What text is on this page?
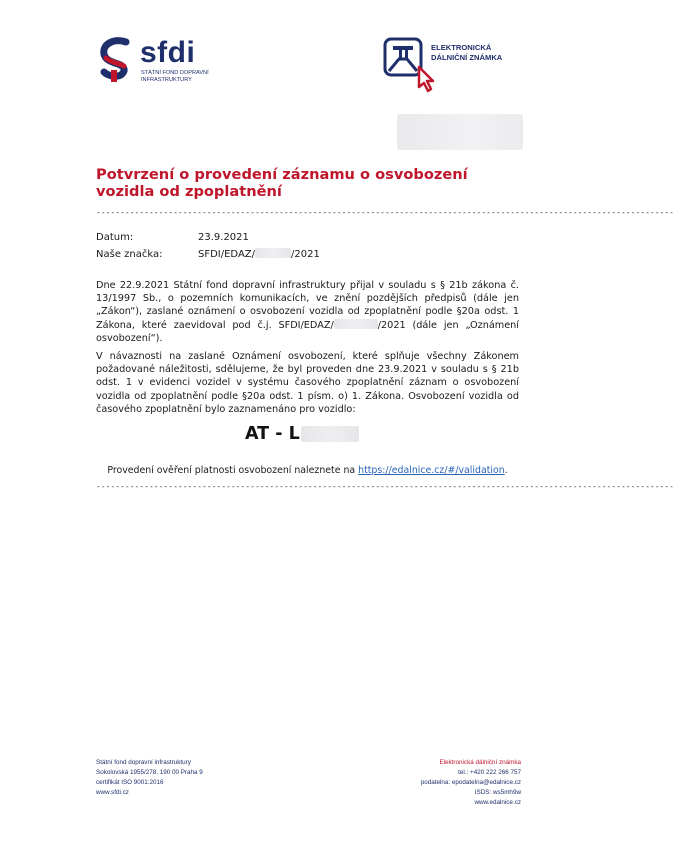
sfdi
STÁTNÍ FOND DOPRAVNÍ INFRASTRUKTURY
ELEKTRONICKÁ
DÁLNIČNÍ ZNÁMKA
Potvrzení o provedení záznamu o osvobození vozidla od zpoplatnění
------------------------------------------------------------------------------------------------------------------------
Datum:	23.9.2021
Naše značka:	SFDI/EDAZ/	/2021
Dne 22.9.2021 Státní fond dopravní infrastruktury přijal v souladu s § 21b zákona č. 13/1997 Sb., o pozemních komunikacích, ve znění pozdějších předpisů (dále jen „Zákon“), zaslané oznámení o osvobození vozidla od zpoplatnění podle §20a odst. 1 Zákona, které zaevidoval pod č.j. SFDI/EDAZ/	/2021 (dále jen „Oznámení osvobození“).
V návaznosti na zaslané Oznámení osvobození, které splňuje všechny Zákonem požadované náležitosti, sdělujeme, že byl proveden dne 23.9.2021 v souladu s § 21b odst. 1 v evidenci vozidel v systému časového zpoplatnění záznam o osvobození vozidla od zpoplatnění podle §20a odst. 1 písm. o) 1. Zákona. Osvobození vozidla od časového zpoplatnění bylo zaznamenáno pro vozidlo:
AT - L
Provedení ověření platnosti osvobození naleznete na https://edalnice.cz/#/validation.
------------------------------------------------------------------------------------------------------------------------
Státní fond dopravní infrastruktury
Sokolovská 1955/278, 190 00 Praha 9
certifikát ISO 9001:2016
www.sfdi.cz
Elektronická dálniční známka
tel.: +420 222 266 757
podatelna: epodatelna@edalnice.cz
ISDS: ws5mh9w
www.edalnice.cz
